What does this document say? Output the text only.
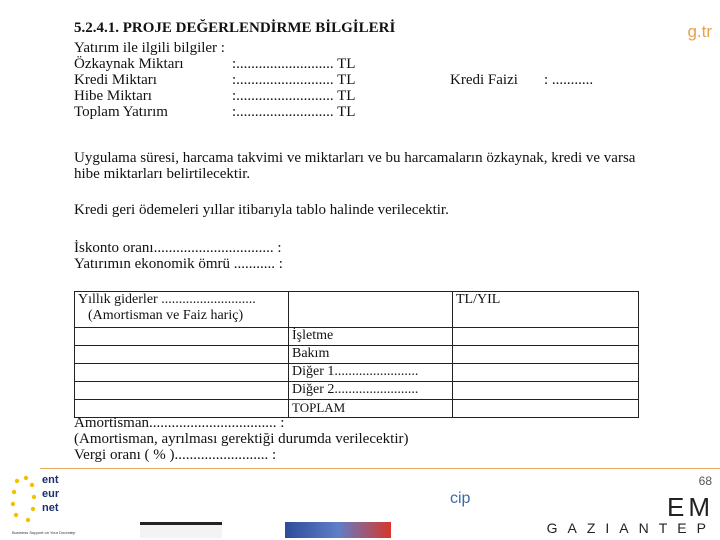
g.tr
68
ent
eur
net
Business Support on Your Doorstep
cip	EM
GAZIANTEP
5.2.4.1. PROJE DEĞERLENDİRME BİLGİLERİ
Yatırım ile ilgili bilgiler :
Özkaynak Miktarı	:.......................... TL
Kredi Miktarı	:.......................... TL
Hibe Miktarı	:.......................... TL
Toplam Yatırım	:.......................... TL
Kredi Faizi : ...........
Uygulama süresi, harcama takvimi ve miktarları ve bu harcamaların özkaynak, kredi ve varsa
hibe miktarları belirtilecektir.
Kredi geri ödemeleri yıllar itibarıyla tablo halinde verilecektir.
İskonto oranı................................ :
Yatırımın ekonomik ömrü ........... :
Yıllık giderler ...........................
(Amortisman ve Faiz hariç)		TL/YIL
	İşletme	
	Bakım	
	Diğer 1........................	
	Diğer 2........................	
	TOPLAM	
Amortisman.................................. :
(Amortisman, ayrılması gerektiği durumda verilecektir)
Vergi oranı ( % )......................... :
